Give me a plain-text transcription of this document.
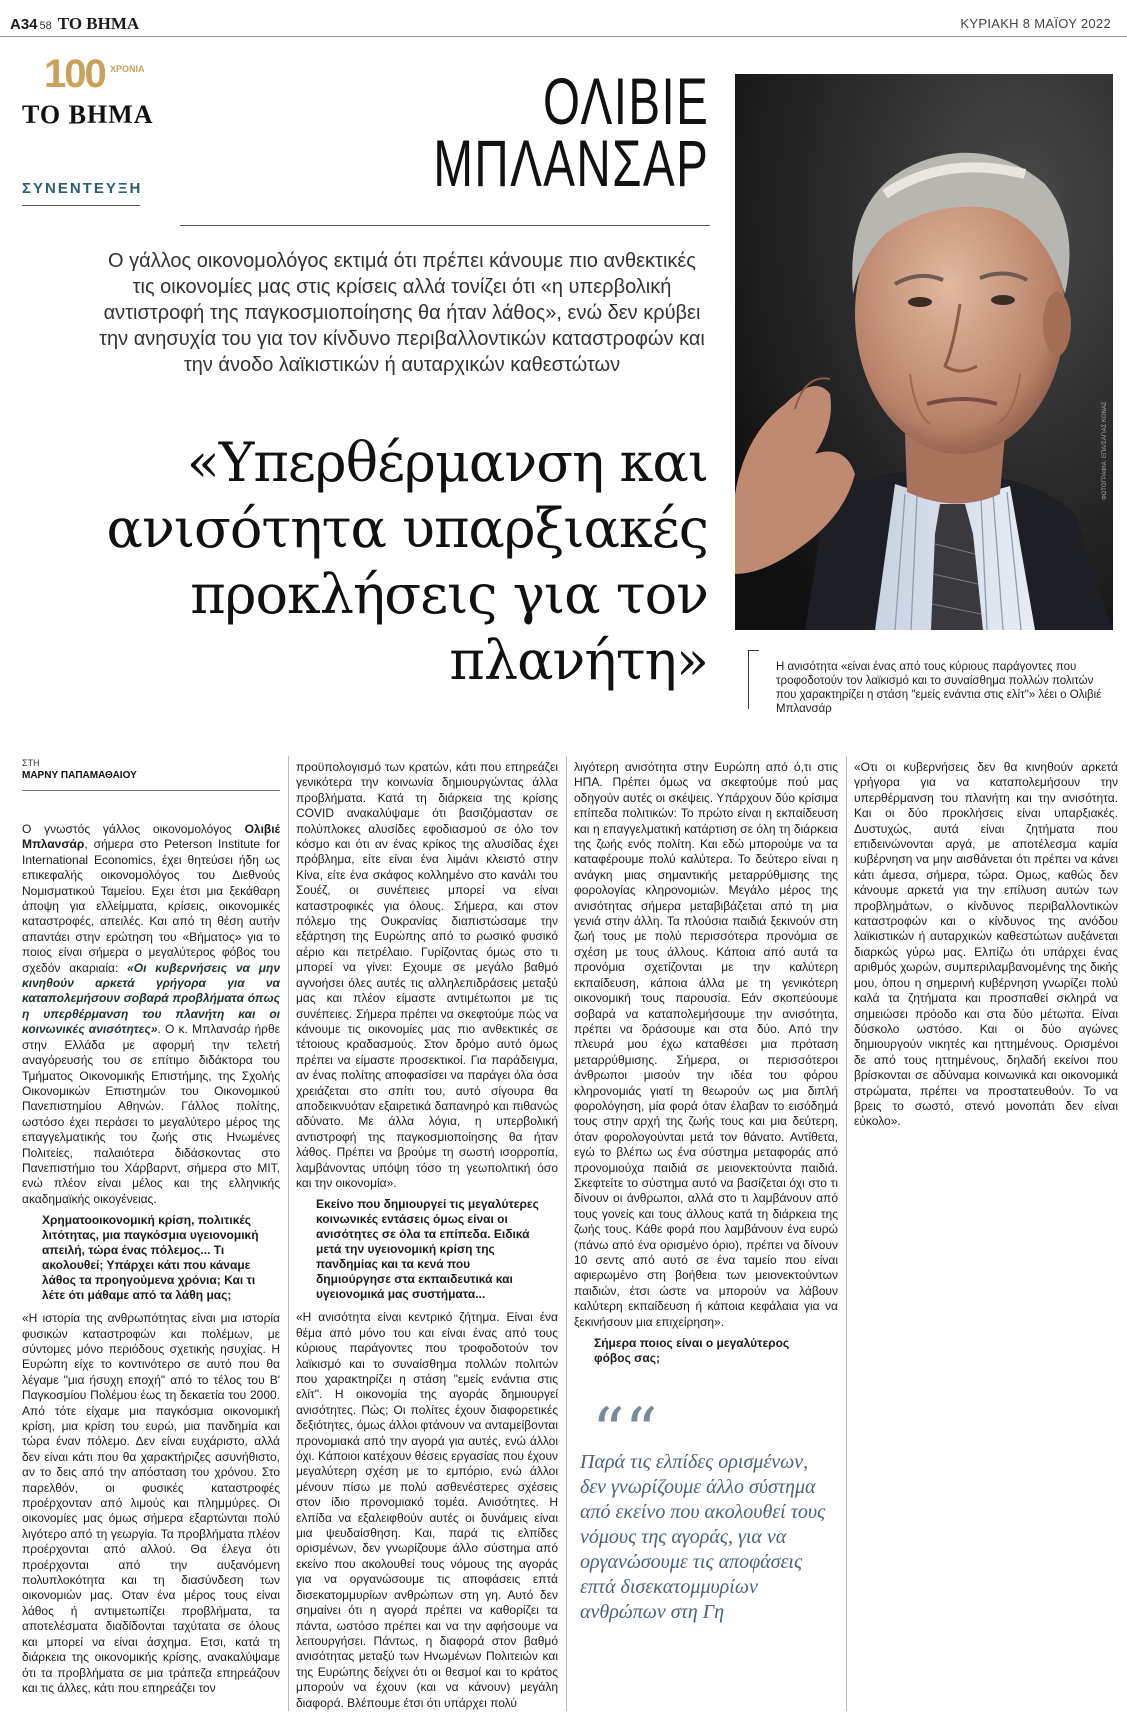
A34 58 TO BHMA	ΚΥΡΙΑΚΗ 8 ΜΑΪΟΥ 2022
100 ΧΡΟΝΙΑ
ΤΟ ΒΗΜΑ
ΣΥΝΕΝΤΕΥΞΗ
ΟΛΙΒΙΕ
ΜΠΛΑΝΣΑΡ
ΦΩΤΟΓΡΑΦΙΑ: ΕΠΑ/ΣΑΓΙΑΣ ΚΟΝΑΣ
Η ανισότητα «είναι ένας από τους κύριους παράγοντες που τροφοδοτούν τον λαϊκισμό και το συναίσθημα πολλών πολιτών που χαρακτηρίζει η στάση "εμείς ενάντια στις ελίτ"» λέει ο Ολιβιέ Μπλανσάρ
Ο γάλλος οικονομολόγος εκτιμά ότι πρέπει κάνουμε πιο ανθεκτικές τις οικονομίες μας στις κρίσεις αλλά τονίζει ότι «η υπερβολική αντιστροφή της παγκοσμιοποίησης θα ήταν λάθος», ενώ δεν κρύβει την ανησυχία του για τον κίνδυνο περιβαλλοντικών καταστροφών και την άνοδο λαϊκιστικών ή αυταρχικών καθεστώτων
«Υπερθέρμανση και ανισότητα υπαρξιακές προκλήσεις για τον πλανήτη»
ΣΤΗ
ΜΑΡΝΥ ΠΑΠΑΜΑΘΑΙΟΥ

Ο γνωστός γάλλος οικονομολόγος Ολιβιέ Μπλανσάρ, σήμερα στο Peterson Institute for International Economics, έχει θητεύσει ήδη ως επικεφαλής οικονομολόγος του Διεθνούς Νομισματικού Ταμείου. Εχει έτσι μια ξεκάθαρη άποψη για ελλείμματα, κρίσεις, οικονομικές καταστροφές, απειλές. Και από τη θέση αυτήν απαντάει στην ερώτηση του «Βήματος» για το ποιος είναι σήμερα ο μεγαλύτερος φόβος του σχεδόν ακαριαία: «Οι κυβερνήσεις να μην κινηθούν αρκετά γρήγορα για να καταπολεμήσουν σοβαρά προβλήματα όπως η υπερθέρμανση του πλανήτη και οι κοινωνικές ανισότητες». Ο κ. Μπλανσάρ ήρθε στην Ελλάδα με αφορμή την τελετή αναγόρευσής του σε επίτιμο διδάκτορα του Τμήματος Οικονομικής Επιστήμης, της Σχολής Οικονομικών Επιστημών του Οικονομικού Πανεπιστημίου Αθηνών. Γάλλος πολίτης, ωστόσο έχει περάσει το μεγαλύτερο μέρος της επαγγελματικής του ζωής στις Ηνωμένες Πολιτείες, παλαιότερα διδάσκοντας στο Πανεπιστήμιο του Χάρβαρντ, σήμερα στο ΜΙΤ, ενώ πλέον είναι μέλος και της ελληνικής ακαδημαϊκής οικογένειας.

Χρηματοοικονομική κρίση, πολιτικές λιτότητας, μια παγκόσμια υγειονομική απειλή, τώρα ένας πόλεμος... Τι ακολουθεί; Υπάρχει κάτι που κάναμε λάθος τα προηγούμενα χρόνια; Και τι λέτε ότι μάθαμε από τα λάθη μας;

«Η ιστορία της ανθρωπότητας είναι μια ιστορία φυσικών καταστροφών και πολέμων, με σύντομες μόνο περιόδους σχετικής ησυχίας. Η Ευρώπη είχε το κοντινότερο σε αυτό που θα λέγαμε "μια ήσυχη εποχή" από το τέλος του Β' Παγκοσμίου Πολέμου έως τη δεκαετία του 2000. Από τότε είχαμε μια παγκόσμια οικονομική κρίση, μια κρίση του ευρώ, μια πανδημία και τώρα έναν πόλεμο. Δεν είναι ευχάριστο, αλλά δεν είναι κάτι που θα χαρακτήριζες ασυνήθιστο, αν το δεις από την απόσταση του χρόνου. Στο παρελθόν, οι φυσικές καταστροφές προέρχονταν από λιμούς και πλημμύρες. Οι οικονομίες μας όμως σήμερα εξαρτώνται πολύ λιγότερο από τη γεωργία. Τα προβλήματα πλέον προέρχονται από αλλού. Θα έλεγα ότι προέρχονται από την αυξανόμενη πολυπλοκότητα και τη διασύνδεση των οικονομιών μας. Οταν ένα μέρος τους είναι λάθος ή αντιμετωπίζει προβλήματα, τα αποτελέσματα διαδίδονται ταχύτατα σε όλους και μπορεί να είναι άσχημα. Ετσι, κατά τη διάρκεια της οικονομικής κρίσης, ανακαλύψαμε ότι τα προβλήματα σε μια τράπεζα επηρεάζουν και τις άλλες, κάτι που επηρεάζει τον

προϋπολογισμό των κρατών, κάτι που επηρεάζει γενικότερα την κοινωνία δημιουργώντας άλλα προβλήματα. Κατά τη διάρκεια της κρίσης COVID ανακαλύψαμε ότι βασιζόμασταν σε πολύπλοκες αλυσίδες εφοδιασμού σε όλο τον κόσμο και ότι αν ένας κρίκος της αλυσίδας έχει πρόβλημα, είτε είναι ένα λιμάνι κλειστό στην Κίνα, είτε ένα σκάφος κολλημένο στο κανάλι του Σουέζ, οι συνέπειες μπορεί να είναι καταστροφικές για όλους. Σήμερα, και στον πόλεμο της Ουκρανίας διαπιστώσαμε την εξάρτηση της Ευρώπης από το ρωσικό φυσικό αέριο και πετρέλαιο. Γυρίζοντας όμως στο τι μπορεί να γίνει: Εχουμε σε μεγάλο βαθμό αγνοήσει όλες αυτές τις αλληλεπιδράσεις μεταξύ μας και πλέον είμαστε αντιμέτωποι με τις συνέπειες. Σήμερα πρέπει να σκεφτούμε πώς να κάνουμε τις οικονομίες μας πιο ανθεκτικές σε τέτοιους κραδασμούς. Στον δρόμο αυτό όμως πρέπει να είμαστε προσεκτικοί. Για παράδειγμα, αν ένας πολίτης αποφασίσει να παράγει όλα όσα χρειάζεται στο σπίτι του, αυτό σίγουρα θα αποδεικνυόταν εξαιρετικά δαπανηρό και πιθανώς αδύνατο. Με άλλα λόγια, η υπερβολική αντιστροφή της παγκοσμιοποίησης θα ήταν λάθος. Πρέπει να βρούμε τη σωστή ισορροπία, λαμβάνοντας υπόψη τόσο τη γεωπολιτική όσο και την οικονομία».

Εκείνο που δημιουργεί τις μεγαλύτερες κοινωνικές εντάσεις όμως είναι οι ανισότητες σε όλα τα επίπεδα. Ειδικά μετά την υγειονομική κρίση της πανδημίας και τα κενά που δημιούργησε στα εκπαιδευτικά και υγειονομικά μας συστήματα...

«Η ανισότητα είναι κεντρικό ζήτημα. Είναι ένα θέμα από μόνο του και είναι ένας από τους κύριους παράγοντες που τροφοδοτούν τον λαϊκισμό και το συναίσθημα πολλών πολιτών που χαρακτηρίζει η στάση "εμείς ενάντια στις ελίτ". Η οικονομία της αγοράς δημιουργεί ανισότητες. Πώς; Οι πολίτες έχουν διαφορετικές δεξιότητες, όμως άλλοι φτάνουν να ανταμείβονται προνομιακά από την αγορά για αυτές, ενώ άλλοι όχι. Κάποιοι κατέχουν θέσεις εργασίας που έχουν μεγαλύτερη σχέση με το εμπόριο, ενώ άλλοι μένουν πίσω με πολύ ασθενέστερες σχέσεις στον ίδιο προνομιακό τομέα. Ανισότητες. Η ελπίδα να εξαλειφθούν αυτές οι δυνάμεις είναι μια ψευδαίσθηση. Και, παρά τις ελπίδες ορισμένων, δεν γνωρίζουμε άλλο σύστημα από εκείνο που ακολουθεί τους νόμους της αγοράς για να οργανώσουμε τις αποφάσεις επτά δισεκατομμυρίων ανθρώπων στη γη. Αυτό δεν σημαίνει ότι η αγορά πρέπει να καθορίζει τα πάντα, ωστόσο πρέπει και να την αφήσουμε να λειτουργήσει. Πάντως, η διαφορά στον βαθμό ανισότητας μεταξύ των Ηνωμένων Πολιτειών και της Ευρώπης δείχνει ότι οι θεσμοί και το κράτος μπορούν να έχουν (και να κάνουν) μεγάλη διαφορά. Βλέπουμε έτσι ότι υπάρχει πολύ

λιγότερη ανισότητα στην Ευρώπη από ό,τι στις ΗΠΑ. Πρέπει όμως να σκεφτούμε πού μας οδηγούν αυτές οι σκέψεις. Υπάρχουν δύο κρίσιμα επίπεδα πολιτικών: Το πρώτο είναι η εκπαίδευση και η επαγγελματική κατάρτιση σε όλη τη διάρκεια της ζωής ενός πολίτη. Και εδώ μπορούμε να τα καταφέρουμε πολύ καλύτερα. Το δεύτερο είναι η ανάγκη μιας σημαντικής μεταρρύθμισης της φορολογίας κληρονομιών. Μεγάλο μέρος της ανισότητας σήμερα μεταβιβάζεται από τη μια γενιά στην άλλη. Τα πλούσια παιδιά ξεκινούν στη ζωή τους με πολύ περισσότερα προνόμια σε σχέση με τους άλλους. Κάποια από αυτά τα προνόμια σχετίζονται με την καλύτερη εκπαίδευση, κάποια άλλα με τη γενικότερη οικονομική τους παρουσία. Εάν σκοπεύουμε σοβαρά να καταπολεμήσουμε την ανισότητα, πρέπει να δράσουμε και στα δύο. Από την πλευρά μου έχω καταθέσει μια πρόταση μεταρρύθμισης. Σήμερα, οι περισσότεροι άνθρωποι μισούν την ιδέα του φόρου κληρονομιάς γιατί τη θεωρούν ως μια διπλή φορολόγηση, μία φορά όταν έλαβαν το εισόδημά τους στην αρχή της ζωής τους και μια δεύτερη, όταν φορολογούνται μετά τον θάνατο. Αντίθετα, εγώ το βλέπω ως ένα σύστημα μεταφοράς από προνομιούχα παιδιά σε μειονεκτούντα παιδιά. Σκεφτείτε το σύστημα αυτό να βασίζεται όχι στο τι δίνουν οι άνθρωποι, αλλά στο τι λαμβάνουν από τους γονείς και τους άλλους κατά τη διάρκεια της ζωής τους. Κάθε φορά που λαμβάνουν ένα ευρώ (πάνω από ένα ορισμένο όριο), πρέπει να δίνουν 10 σεντς από αυτό σε ένα ταμείο που είναι αφιερωμένο στη βοήθεια των μειονεκτούντων παιδιών, έτσι ώστε να μπορούν να λάβουν καλύτερη εκπαίδευση ή κάποια κεφάλαια για να ξεκινήσουν μια επιχείρηση».

Σήμερα ποιος είναι ο μεγαλύτερος φόβος σας;

«Οτι οι κυβερνήσεις δεν θα κινηθούν αρκετά γρήγορα για να καταπολεμήσουν την υπερθέρμανση του πλανήτη και την ανισότητα. Και οι δύο προκλήσεις είναι υπαρξιακές. Δυστυχώς, αυτά είναι ζητήματα που επιδεινώνονται αργά, με αποτέλεσμα καμία κυβέρνηση να μην αισθάνεται ότι πρέπει να κάνει κάτι άμεσα, σήμερα, τώρα. Ομως, καθώς δεν κάνουμε αρκετά για την επίλυση αυτών των προβλημάτων, ο κίνδυνος περιβαλλοντικών καταστροφών και ο κίνδυνος της ανόδου λαϊκιστικών ή αυταρχικών καθεστώτων αυξάνεται διαρκώς γύρω μας. Ελπίζω ότι υπάρχει ένας αριθμός χωρών, συμπεριλαμβανομένης της δικής μου, όπου η σημερινή κυβέρνηση γνωρίζει πολύ καλά τα ζητήματα και προσπαθεί σκληρά να σημειώσει πρόοδο και στα δύο μέτωπα. Είναι δύσκολο ωστόσο. Και οι δύο αγώνες δημιουργούν νικητές και ηττημένους. Ορισμένοι δε από τους ηττημένους, δηλαδή εκείνοι που βρίσκονται σε αδύναμα κοινωνικά και οικονομικά στρώματα, πρέπει να προστατευθούν. Το να βρεις το σωστό, στενό μονοπάτι δεν είναι εύκολο».

““
Παρά τις ελπίδες ορισμένων, δεν γνωρίζουμε άλλο σύστημα από εκείνο που ακολουθεί τους νόμους της αγοράς, για να οργανώσουμε τις αποφάσεις επτά δισεκατομμυρίων ανθρώπων στη Γη
